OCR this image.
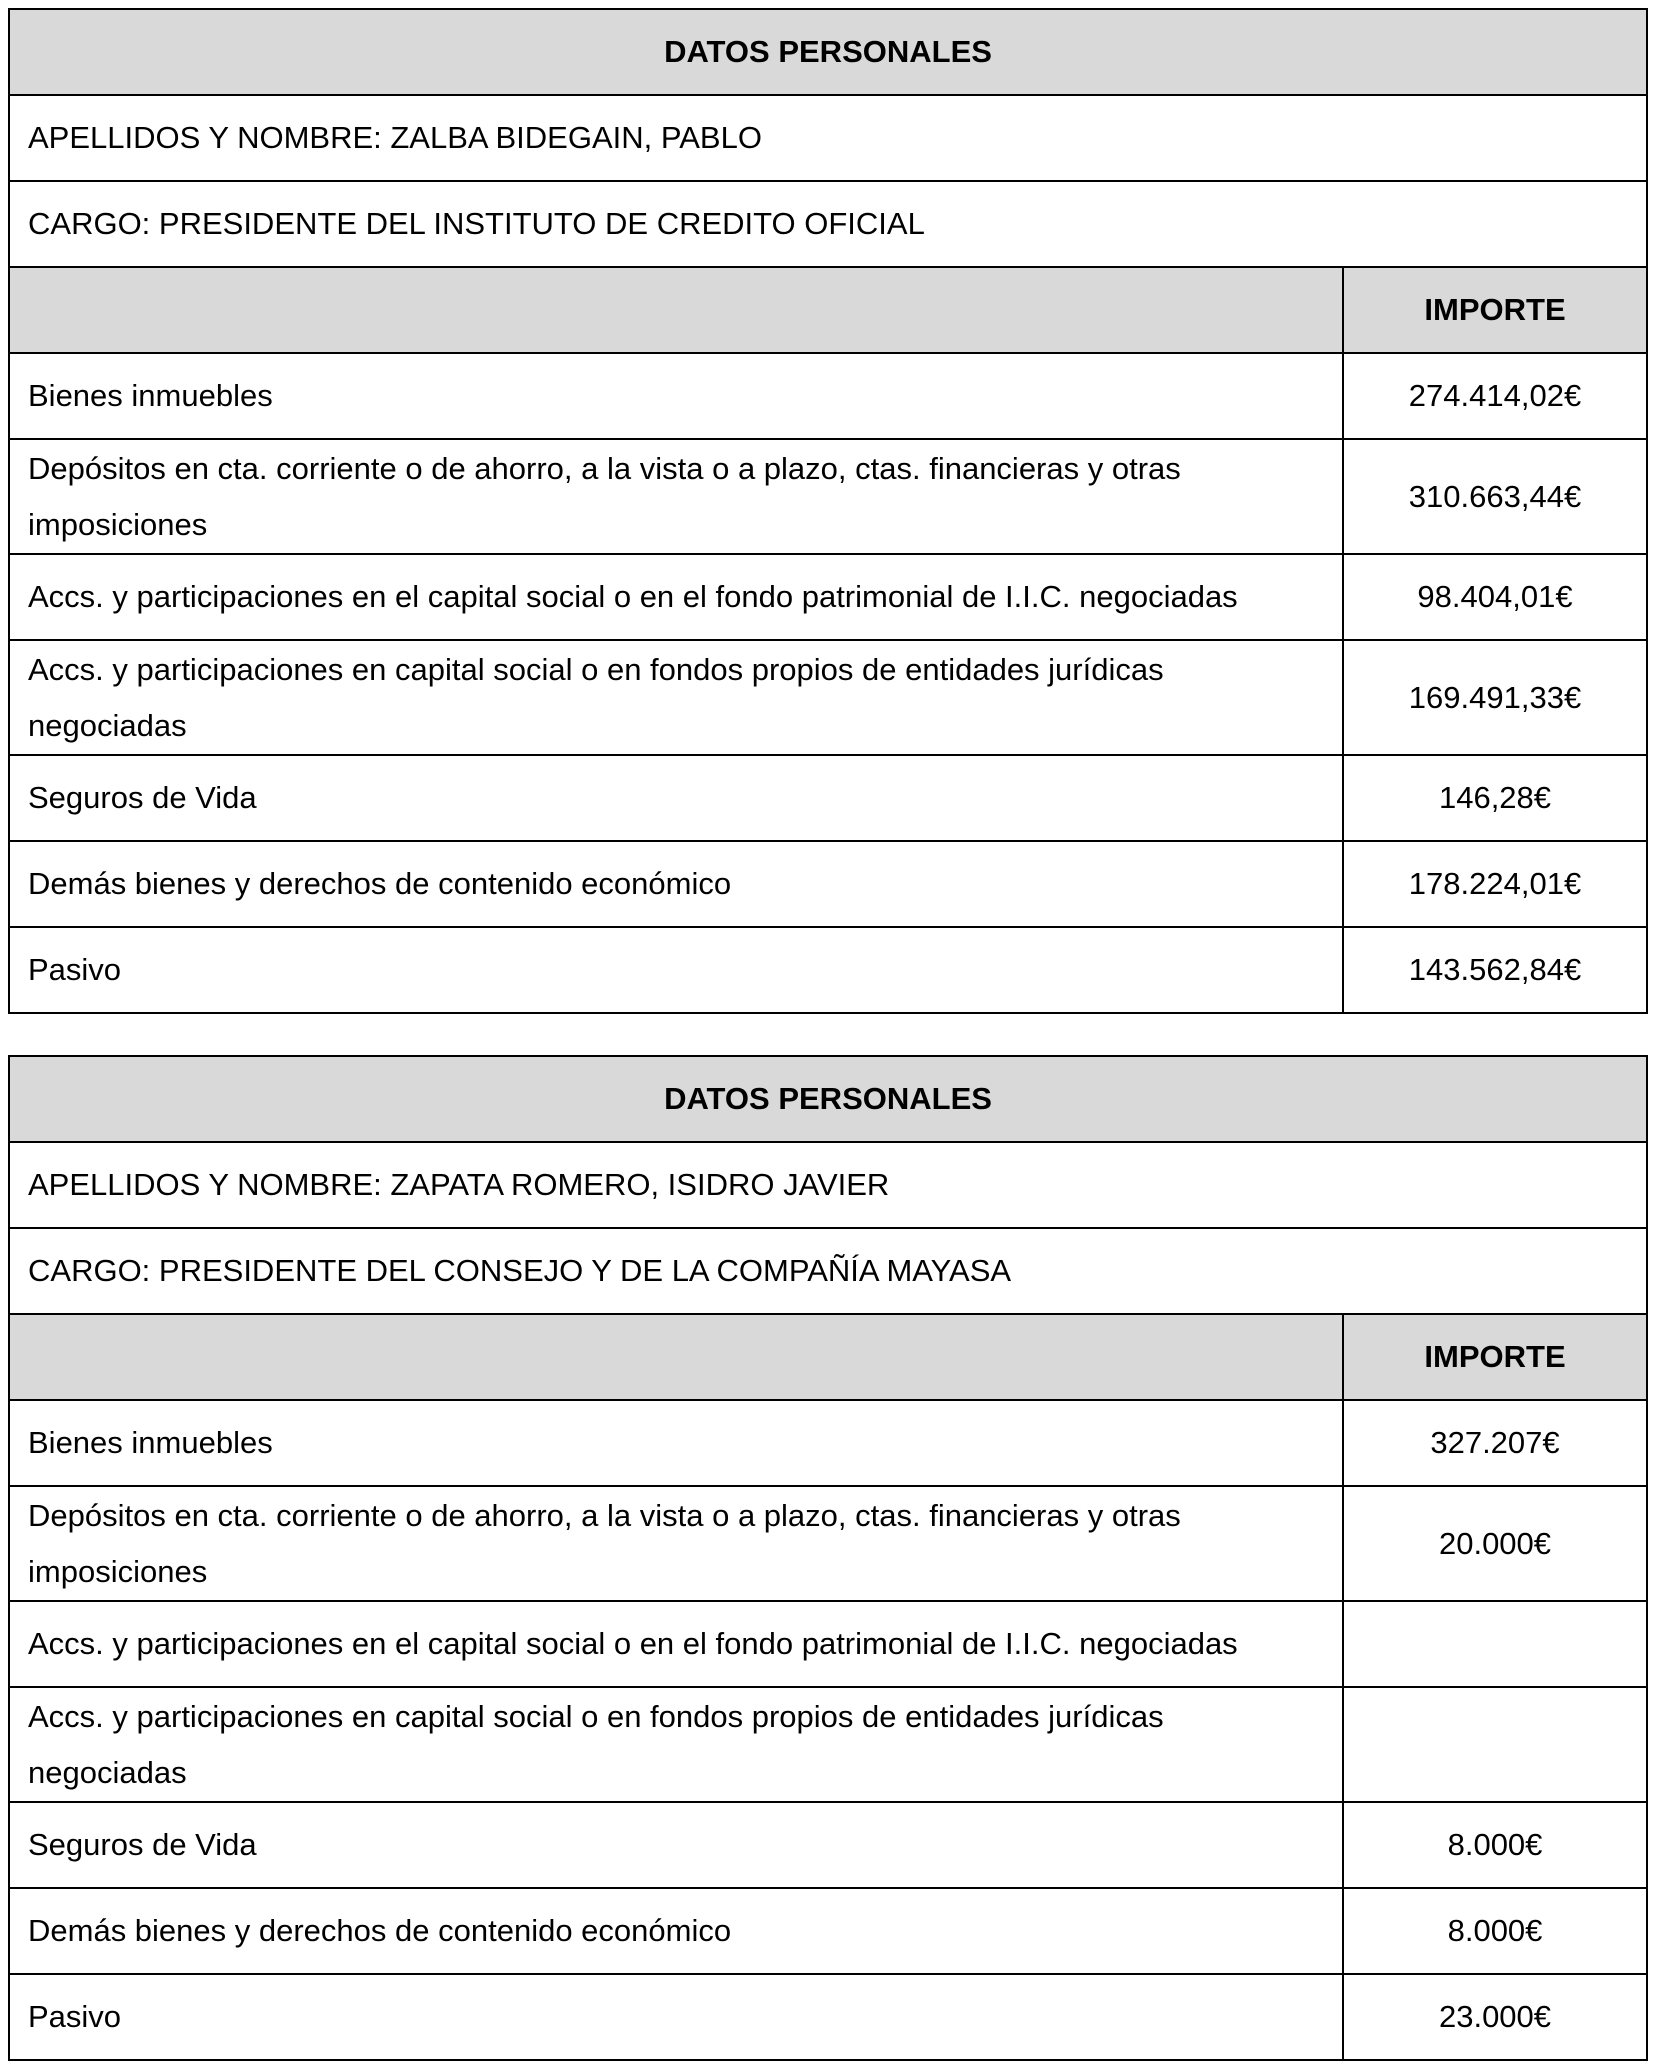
DATOS PERSONALES	
APELLIDOS Y NOMBRE: ZALBA BIDEGAIN, PABLO	
CARGO: PRESIDENTE DEL INSTITUTO DE CREDITO OFICIAL	
	IMPORTE
Bienes inmuebles	274.414,02€
Depósitos en cta. corriente o de ahorro, a la vista o a plazo, ctas. financieras y otras imposiciones	310.663,44€
Accs. y participaciones en el capital social o en el fondo patrimonial de I.I.C. negociadas	98.404,01€
Accs. y participaciones en capital social o en fondos propios de entidades jurídicas negociadas	169.491,33€
Seguros de Vida	146,28€
Demás bienes y derechos de contenido económico	178.224,01€
Pasivo	143.562,84€
DATOS PERSONALES	
APELLIDOS Y NOMBRE: ZAPATA ROMERO, ISIDRO JAVIER	
CARGO: PRESIDENTE DEL CONSEJO Y DE LA COMPAÑÍA MAYASA	
	IMPORTE
Bienes inmuebles	327.207€
Depósitos en cta. corriente o de ahorro, a la vista o a plazo, ctas. financieras y otras imposiciones	20.000€
Accs. y participaciones en el capital social o en el fondo patrimonial de I.I.C. negociadas	
Accs. y participaciones en capital social o en fondos propios de entidades jurídicas negociadas	
Seguros de Vida	8.000€
Demás bienes y derechos de contenido económico	8.000€
Pasivo	23.000€
